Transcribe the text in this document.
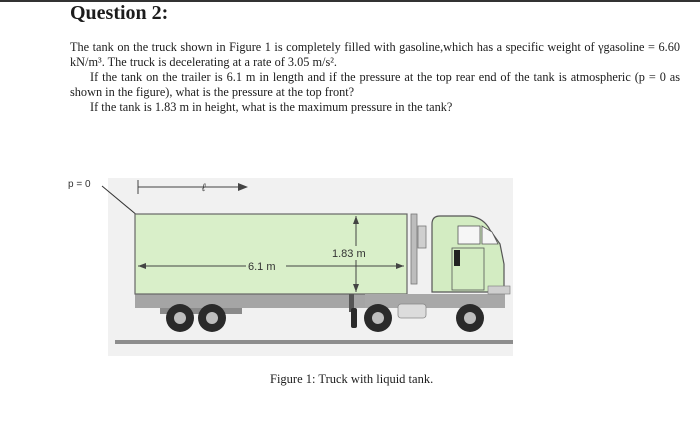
Question 2:

The tank on the truck shown in Figure 1 is completely filled with gasoline,which has a specific weight of γgasoline = 6.60 kN/m³. The truck is decelerating at a rate of 3.05 m/s².

If the tank on the trailer is 6.1 m in length and if the pressure at the top rear end of the tank is atmospheric (p = 0 as shown in the figure), what is the pressure at the top front?

If the tank is 1.83 m in height, what is the maximum pressure in the tank?

p = 0	ℓ
6.1 m
1.83 m
Figure 1: Truck with liquid tank.
